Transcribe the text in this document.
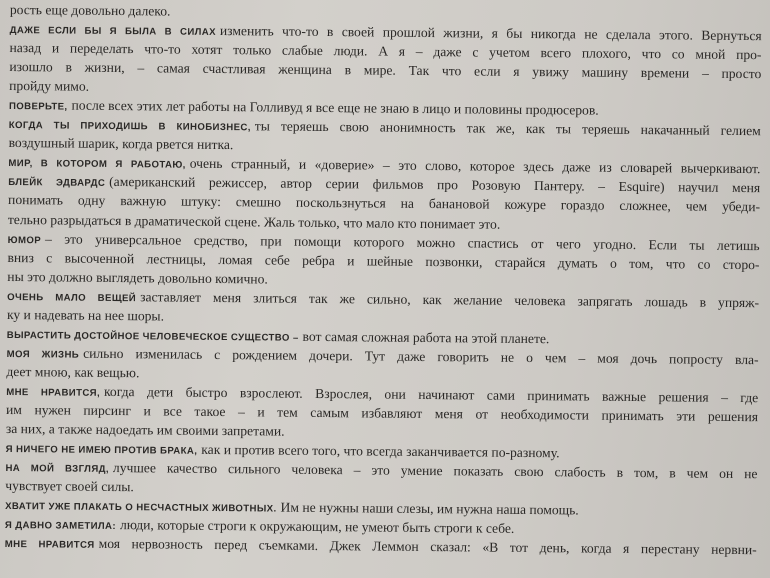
рость еще довольно далеко.
ДАЖЕ ЕСЛИ БЫ Я БЫЛА В СИЛАХ изменить что-то в своей прошлой жизни, я бы никогда не сделала этого. Вернуться
назад и переделать что-то хотят только слабые люди. А я – даже с учетом всего плохого, что со мной про-
изошло в жизни, – самая счастливая женщина в мире. Так что если я увижу машину времени – просто
пройду мимо.
ПОВЕРЬТЕ, после всех этих лет работы на Голливуд я все еще не знаю в лицо и половины продюсеров.
КОГДА ТЫ ПРИХОДИШЬ В КИНОБИЗНЕС, ты теряешь свою анонимность так же, как ты теряешь накачанный гелием
воздушный шарик, когда рвется нитка.
МИР, В КОТОРОМ Я РАБОТАЮ, очень странный, и «доверие» – это слово, которое здесь даже из словарей вычеркивают.
БЛЕЙК ЭДВАРДС (американский режиссер, автор серии фильмов про Розовую Пантеру. – Esquire) научил меня
понимать одну важную штуку: смешно поскользнуться на банановой кожуре гораздо сложнее, чем убеди-
тельно разрыдаться в драматической сцене. Жаль только, что мало кто понимает это.
ЮМОР – это универсальное средство, при помощи которого можно спастись от чего угодно. Если ты летишь
вниз с высоченной лестницы, ломая себе ребра и шейные позвонки, старайся думать о том, что со сторо-
ны это должно выглядеть довольно комично.
ОЧЕНЬ МАЛО ВЕЩЕЙ заставляет меня злиться так же сильно, как желание человека запрягать лошадь в упряж-
ку и надевать на нее шоры.
ВЫРАСТИТЬ ДОСТОЙНОЕ ЧЕЛОВЕЧЕСКОЕ СУЩЕСТВО – вот самая сложная работа на этой планете.
МОЯ ЖИЗНЬ сильно изменилась с рождением дочери. Тут даже говорить не о чем – моя дочь попросту вла-
деет мною, как вещью.
МНЕ НРАВИТСЯ, когда дети быстро взрослеют. Взрослея, они начинают сами принимать важные решения – где
им нужен пирсинг и все такое – и тем самым избавляют меня от необходимости принимать эти решения
за них, а также надоедать им своими запретами.
Я НИЧЕГО НЕ ИМЕЮ ПРОТИВ БРАКА, как и против всего того, что всегда заканчивается по-разному.
НА МОЙ ВЗГЛЯД, лучшее качество сильного человека – это умение показать свою слабость в том, в чем он не
чувствует своей силы.
ХВАТИТ УЖЕ ПЛАКАТЬ О НЕСЧАСТНЫХ ЖИВОТНЫХ. Им не нужны наши слезы, им нужна наша помощь.
Я ДАВНО ЗАМЕТИЛА: люди, которые строги к окружающим, не умеют быть строги к себе.
МНЕ НРАВИТСЯ моя нервозность перед съемками. Джек Леммон сказал: «В тот день, когда я перестану нервни-
